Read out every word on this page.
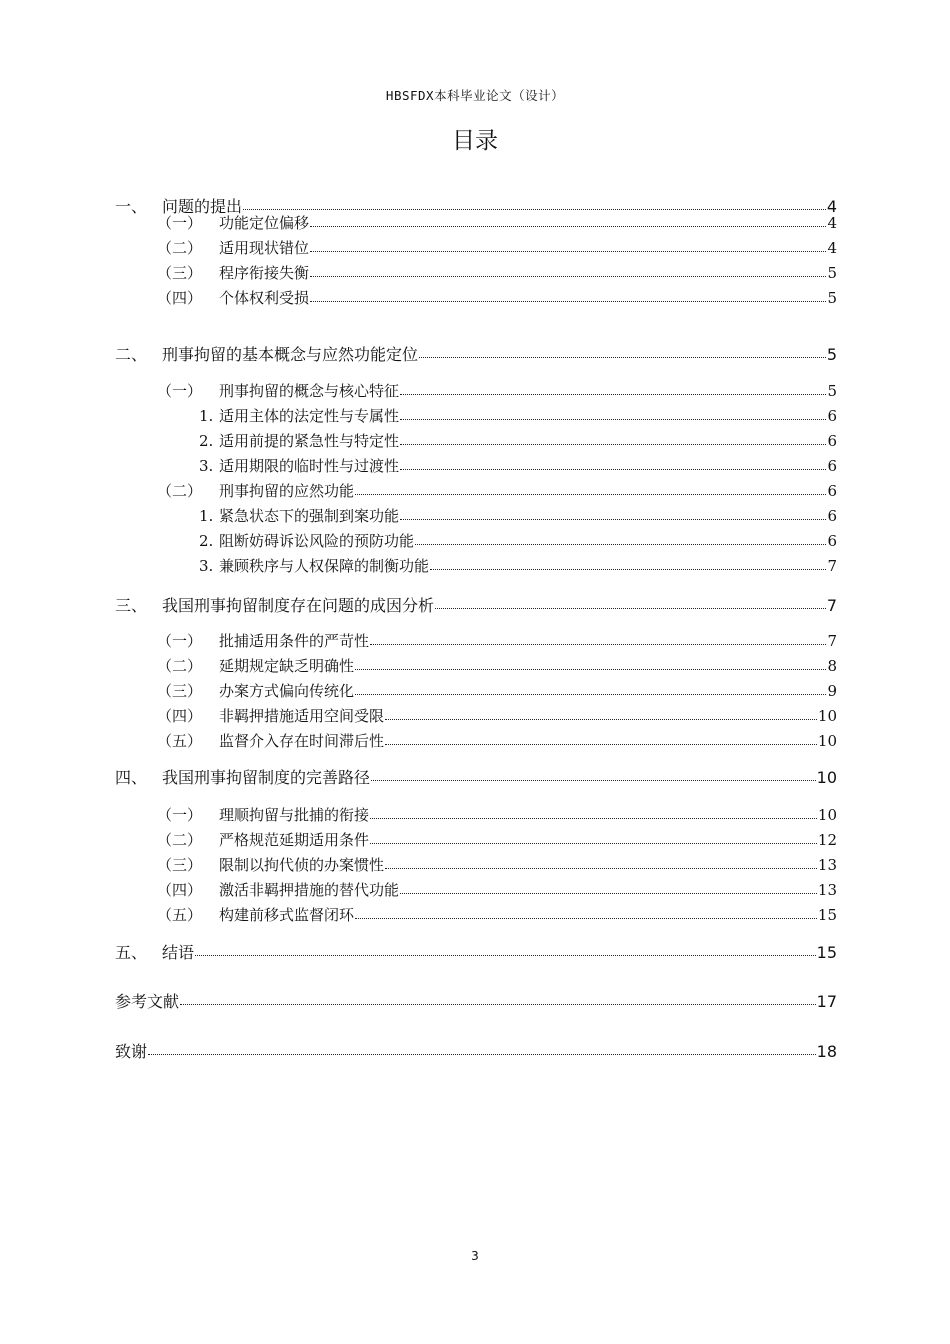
HBSFDX本科毕业论文（设计）
目录
一、 问题的提出	4
（一）	功能定位偏移	4
（二）	适用现状错位	4
（三）	程序衔接失衡	5
（四）	个体权利受损	5
二、 刑事拘留的基本概念与应然功能定位	5
（一）	刑事拘留的概念与核心特征	5
1. 适用主体的法定性与专属性	6
2. 适用前提的紧急性与特定性	6
3. 适用期限的临时性与过渡性	6
（二）	刑事拘留的应然功能	6
1. 紧急状态下的强制到案功能	6
2. 阻断妨碍诉讼风险的预防功能	6
3. 兼顾秩序与人权保障的制衡功能	7
三、 我国刑事拘留制度存在问题的成因分析	7
（一）	批捕适用条件的严苛性	7
（二）	延期规定缺乏明确性	8
（三）	办案方式偏向传统化	9
（四）	非羁押措施适用空间受限	10
（五）	监督介入存在时间滞后性	10
四、 我国刑事拘留制度的完善路径	10
（一）	理顺拘留与批捕的衔接	10
（二）	严格规范延期适用条件	12
（三）	限制以拘代侦的办案惯性	13
（四）	激活非羁押措施的替代功能	13
（五）	构建前移式监督闭环	15
五、 结语	15
参考文献	17
致谢	18
3
